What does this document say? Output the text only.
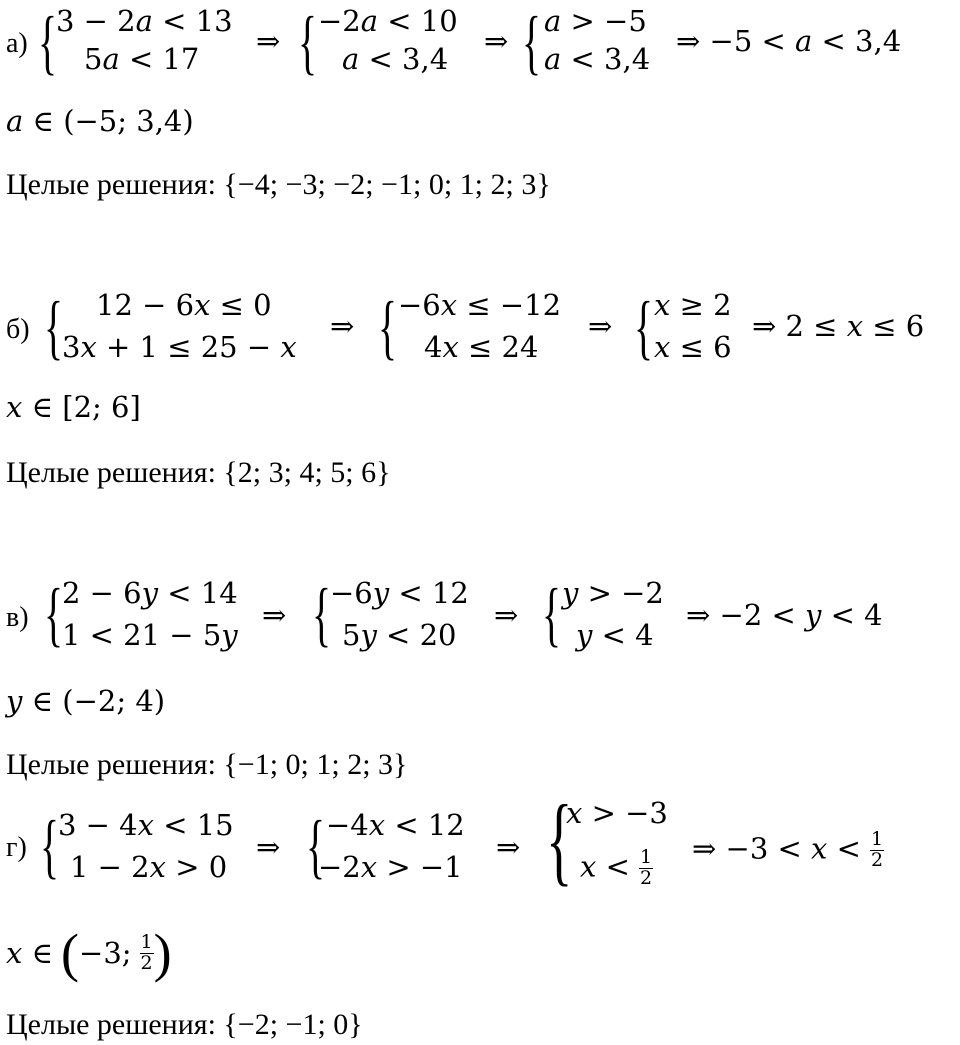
а) {
3 − 2𝑎 < 13
5𝑎 < 17
⇒ { −2𝑎 < 10
𝑎 < 3,4
⇒ { 𝑎 > −5
𝑎 < 3,4
⇒ −5 < 𝑎 < 3,4
𝑎 ∈ (−5; 3,4)
Целые решения: {−4; −3; −2; −1; 0; 1; 2; 3}
б) { 12 − 6𝑥 ≤ 0
3𝑥 + 1 ≤ 25 − 𝑥
⇒ { −6𝑥 ≤ −12
4𝑥 ≤ 24
⇒ { 𝑥 ≥ 2
𝑥 ≤ 6
⇒ 2 ≤ 𝑥 ≤ 6
𝑥 ∈ [2; 6]
Целые решения: {2; 3; 4; 5; 6}
в) {
2 − 6𝑦 < 14
1 < 21 − 5𝑦
⇒ {
−6𝑦 < 12
5𝑦 < 20
⇒ { 𝑦 > −2
𝑦 < 4
⇒ −2 < 𝑦 < 4
𝑦 ∈ (−2; 4)
Целые решения: {−1; 0; 1; 2; 3}
г) {
3 − 4𝑥 < 15
1 − 2𝑥 > 0
⇒ { −4𝑥 < 12
−2𝑥 > −1
⇒ {
𝑥 > −3
𝑥 < $\frac{1}{2}$ ⇒ −3 < 𝑥 < $\frac{1}{2}$
𝑥 ∈ ( −3; $\frac{1}{2}$ )
Целые решения: {−2; −1; 0}
